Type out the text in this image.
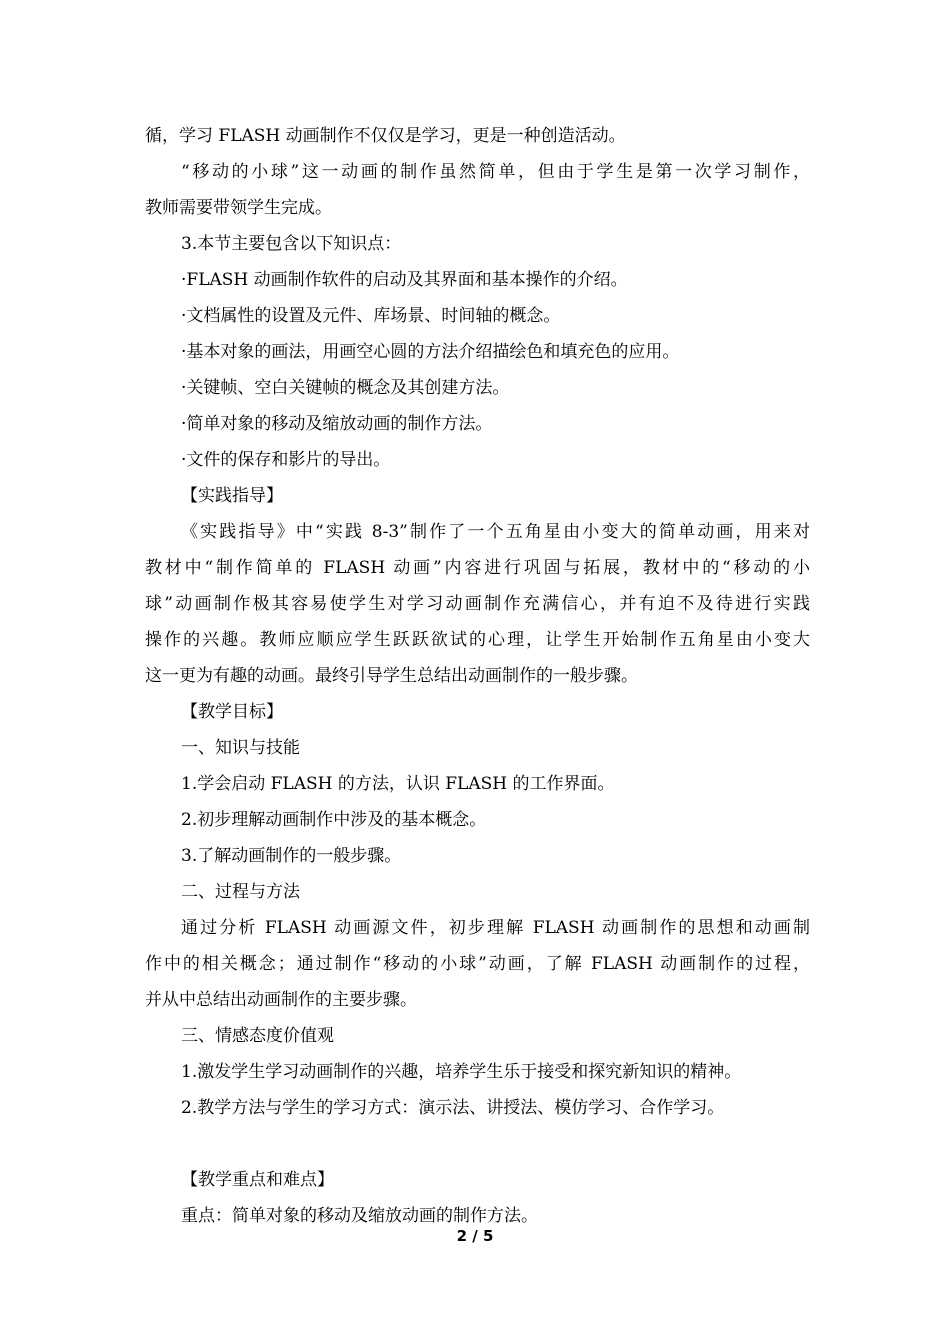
循，学习 FLASH 动画制作不仅仅是学习，更是一种创造活动。
“移动的小球”这一动画的制作虽然简单，但由于学生是第一次学习制作，
教师需要带领学生完成。
3.本节主要包含以下知识点：
·FLASH 动画制作软件的启动及其界面和基本操作的介绍。
·文档属性的设置及元件、库场景、时间轴的概念。
·基本对象的画法，用画空心圆的方法介绍描绘色和填充色的应用。
·关键帧、空白关键帧的概念及其创建方法。
·简单对象的移动及缩放动画的制作方法。
·文件的保存和影片的导出。
【实践指导】
《实践指导》中“实践 8-3”制作了一个五角星由小变大的简单动画，用来对
教材中“制作简单的 FLASH 动画”内容进行巩固与拓展，教材中的“移动的小
球”动画制作极其容易使学生对学习动画制作充满信心，并有迫不及待进行实践
操作的兴趣。教师应顺应学生跃跃欲试的心理，让学生开始制作五角星由小变大
这一更为有趣的动画。最终引导学生总结出动画制作的一般步骤。
【教学目标】
一、知识与技能
1.学会启动 FLASH 的方法，认识 FLASH 的工作界面。
2.初步理解动画制作中涉及的基本概念。
3.了解动画制作的一般步骤。
二、过程与方法
通过分析 FLASH 动画源文件，初步理解 FLASH 动画制作的思想和动画制
作中的相关概念；通过制作“移动的小球”动画，了解 FLASH 动画制作的过程，
并从中总结出动画制作的主要步骤。
三、情感态度价值观
1.激发学生学习动画制作的兴趣，培养学生乐于接受和探究新知识的精神。
2.教学方法与学生的学习方式：演示法、讲授法、模仿学习、合作学习。
【教学重点和难点】
重点：简单对象的移动及缩放动画的制作方法。
2 / 5
